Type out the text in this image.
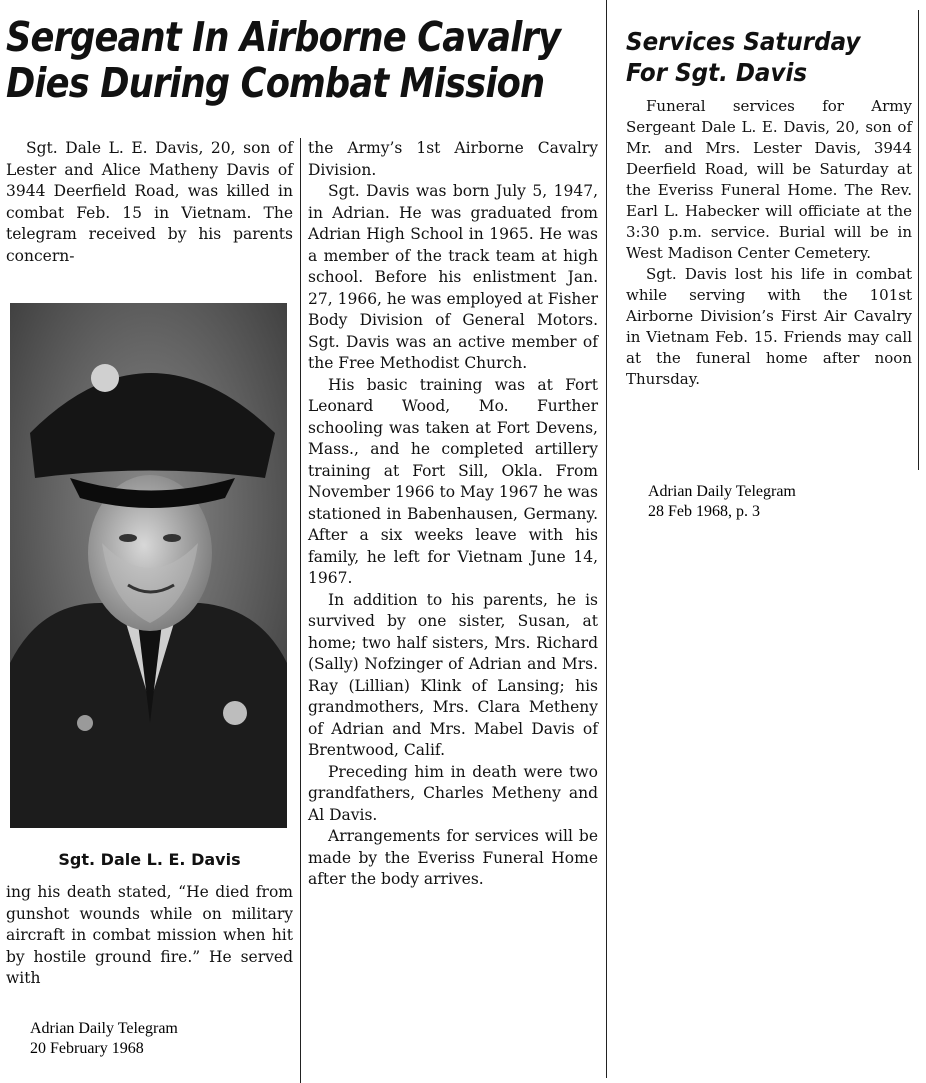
Sergeant In Airborne Cavalry
Dies During Combat Mission

Sgt. Dale L. E. Davis, 20, son of Lester and Alice Matheny Davis of 3944 Deerfield Road, was killed in combat Feb. 15 in Vietnam. The telegram received by his parents concern-

Sgt. Dale L. E. Davis

ing his death stated, “He died from gunshot wounds while on military aircraft in combat mission when hit by hostile ground fire.” He served with

the Army’s 1st Airborne Cavalry Division.

Sgt. Davis was born July 5, 1947, in Adrian. He was graduated from Adrian High School in 1965. He was a member of the track team at high school. Before his enlistment Jan. 27, 1966, he was employed at Fisher Body Division of General Motors. Sgt. Davis was an active member of the Free Methodist Church.

His basic training was at Fort Leonard Wood, Mo. Further schooling was taken at Fort Devens, Mass., and he completed artillery training at Fort Sill, Okla. From November 1966 to May 1967 he was stationed in Babenhausen, Germany. After a six weeks leave with his family, he left for Vietnam June 14, 1967.

In addition to his parents, he is survived by one sister, Susan, at home; two half sisters, Mrs. Richard (Sally) Nofzinger of Adrian and Mrs. Ray (Lillian) Klink of Lansing; his grandmothers, Mrs. Clara Metheny of Adrian and Mrs. Mabel Davis of Brentwood, Calif.

Preceding him in death were two grandfathers, Charles Metheny and Al Davis.

Arrangements for services will be made by the Everiss Funeral Home after the body arrives.

Services Saturday
For Sgt. Davis

Funeral services for Army Sergeant Dale L. E. Davis, 20, son of Mr. and Mrs. Lester Davis, 3944 Deerfield Road, will be Saturday at the Everiss Funeral Home. The Rev. Earl L. Habecker will officiate at the 3:30 p.m. service. Burial will be in West Madison Center Cemetery.

Sgt. Davis lost his life in combat while serving with the 101st Airborne Division’s First Air Cavalry in Vietnam Feb. 15. Friends may call at the funeral home after noon Thursday.

Adrian Daily Telegram
20 February 1968
Adrian Daily Telegram
28 Feb 1968, p. 3
